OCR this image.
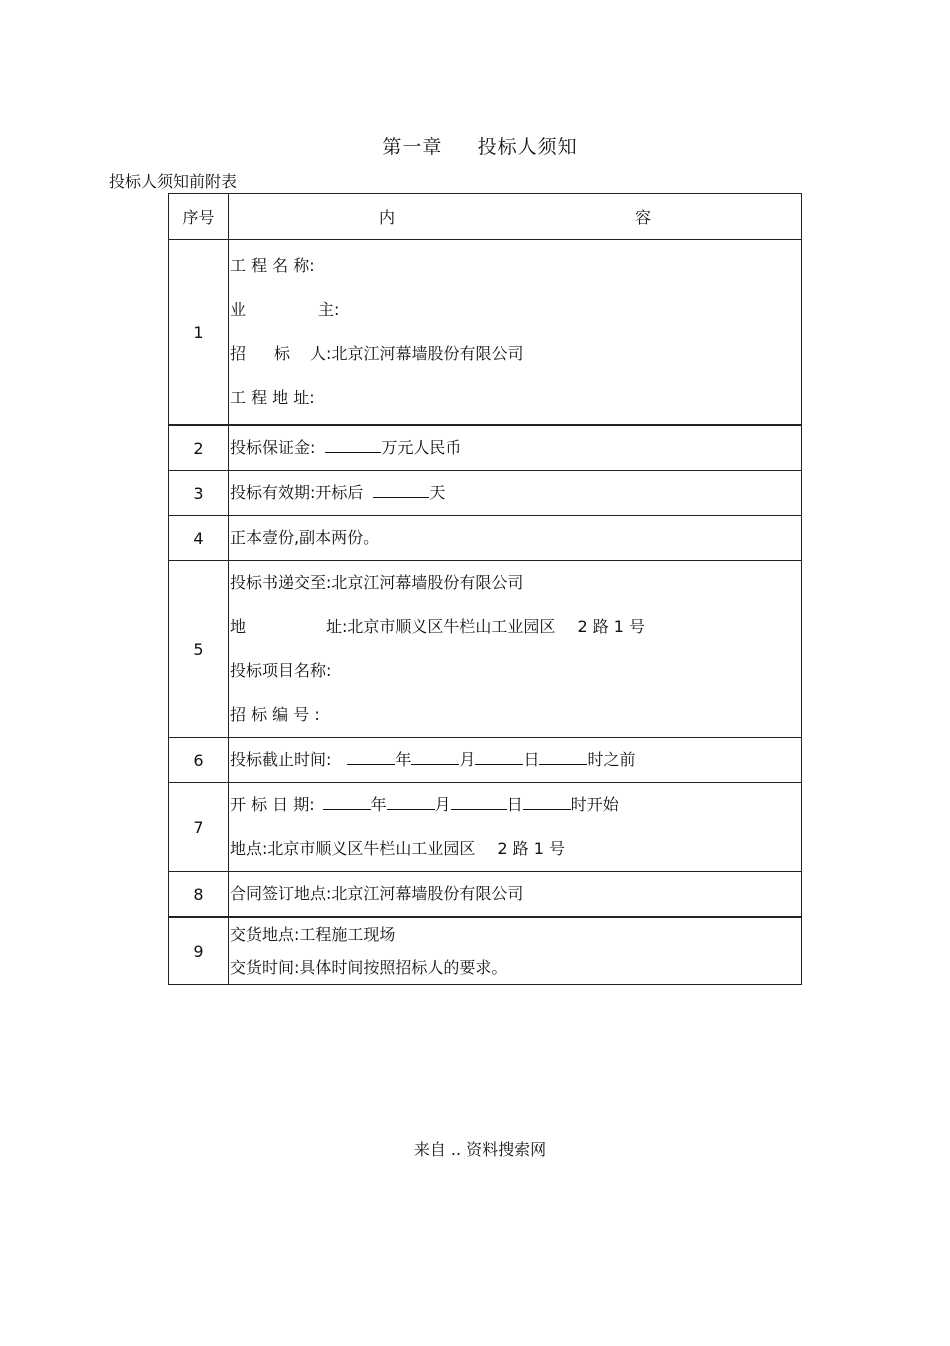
第一章     投标人须知
投标人须知前附表
序号	内 容
1	工 程 名 称:
业 主:
招 标 人:北京江河幕墙股份有限公司
工 程 地 址:

2	投标保证金: 万元人民币
3	投标有效期:开标后 天
4	正本壹份,副本两份。
5	投标书递交至:北京江河幕墙股份有限公司
地 址:北京市顺义区牛栏山工业园区 2 路 1 号
投标项目名称:
招 标 编 号 :

6	投标截止时间: 年 月 日 时之前
7	开 标 日 期: 年 月 日 时开始
地点:北京市顺义区牛栏山工业园区 2 路 1 号

8	合同签订地点:北京江河幕墙股份有限公司
9	交货地点:工程施工现场
交货时间:具体时间按照招标人的要求。
来自 .. 资料搜索网
